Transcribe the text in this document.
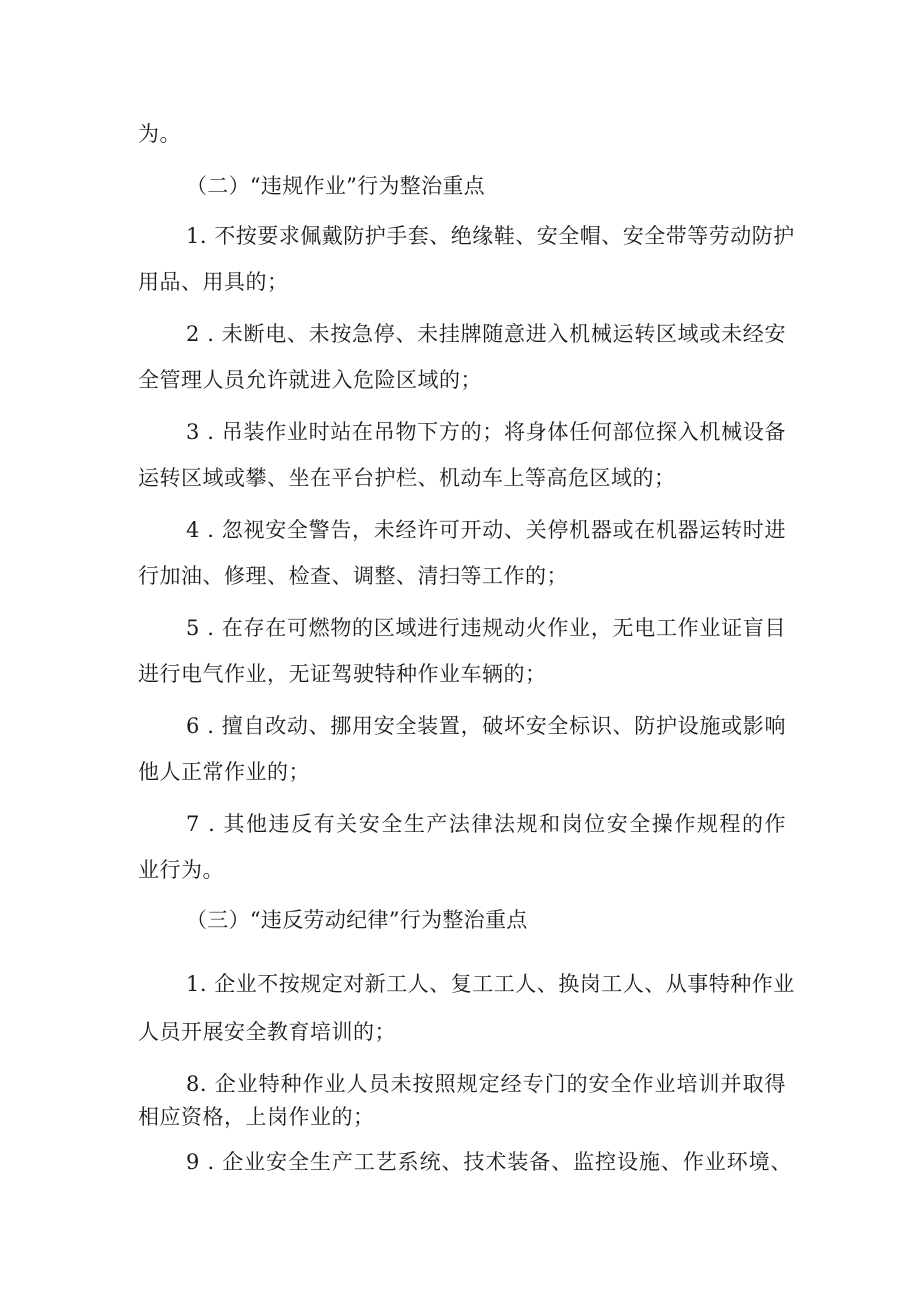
为。
（二）“违规作业”行为整治重点
1. 不按要求佩戴防护手套、绝缘鞋、安全帽、安全带等劳动防护
用品、用具的；
2 . 未断电、未按急停、未挂牌随意进入机械运转区域或未经安
全管理人员允许就进入危险区域的；
3 . 吊装作业时站在吊物下方的；将身体任何部位探入机械设备
运转区域或攀、坐在平台护栏、机动车上等高危区域的；
4 . 忽视安全警告，未经许可开动、关停机器或在机器运转时进
行加油、修理、检查、调整、清扫等工作的；
5 . 在存在可燃物的区域进行违规动火作业，无电工作业证盲目
进行电气作业，无证驾驶特种作业车辆的；
6 . 擅自改动、挪用安全装置，破坏安全标识、防护设施或影响
他人正常作业的；
7 . 其他违反有关安全生产法律法规和岗位安全操作规程的作
业行为。
（三）“违反劳动纪律”行为整治重点
1. 企业不按规定对新工人、复工工人、换岗工人、从事特种作业
人员开展安全教育培训的；
8. 企业特种作业人员未按照规定经专门的安全作业培训并取得
相应资格，上岗作业的；
9 . 企业安全生产工艺系统、技术装备、监控设施、作业环境、
